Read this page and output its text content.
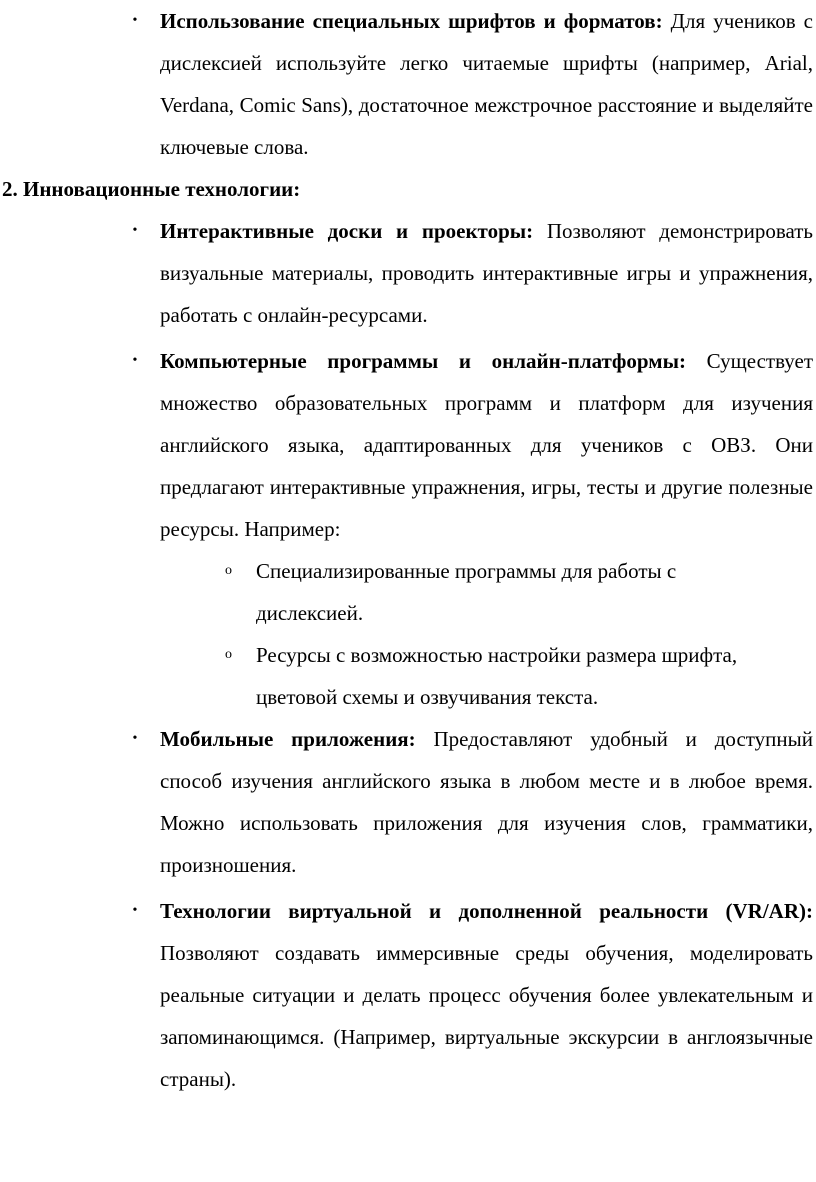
• Использование специальных шрифтов и форматов: Для учеников с дислексией используйте легко читаемые шрифты (например, Arial, Verdana, Comic Sans), достаточное межстрочное расстояние и выделяйте ключевые слова.
2. Инновационные технологии:
• Интерактивные доски и проекторы: Позволяют демонстрировать визуальные материалы, проводить интерактивные игры и упражнения, работать с онлайн-ресурсами.
• Компьютерные программы и онлайн-платформы: Существует множество образовательных программ и платформ для изучения английского языка, адаптированных для учеников с ОВЗ. Они предлагают интерактивные упражнения, игры, тесты и другие полезные ресурсы. Например:
o Специализированные программы для работы с дислексией.
o Ресурсы с возможностью настройки размера шрифта, цветовой схемы и озвучивания текста.
• Мобильные приложения: Предоставляют удобный и доступный способ изучения английского языка в любом месте и в любое время. Можно использовать приложения для изучения слов, грамматики, произношения.
• Технологии виртуальной и дополненной реальности (VR/AR): Позволяют создавать иммерсивные среды обучения, моделировать реальные ситуации и делать процесс обучения более увлекательным и запоминающимся. (Например, виртуальные экскурсии в англоязычные страны).
